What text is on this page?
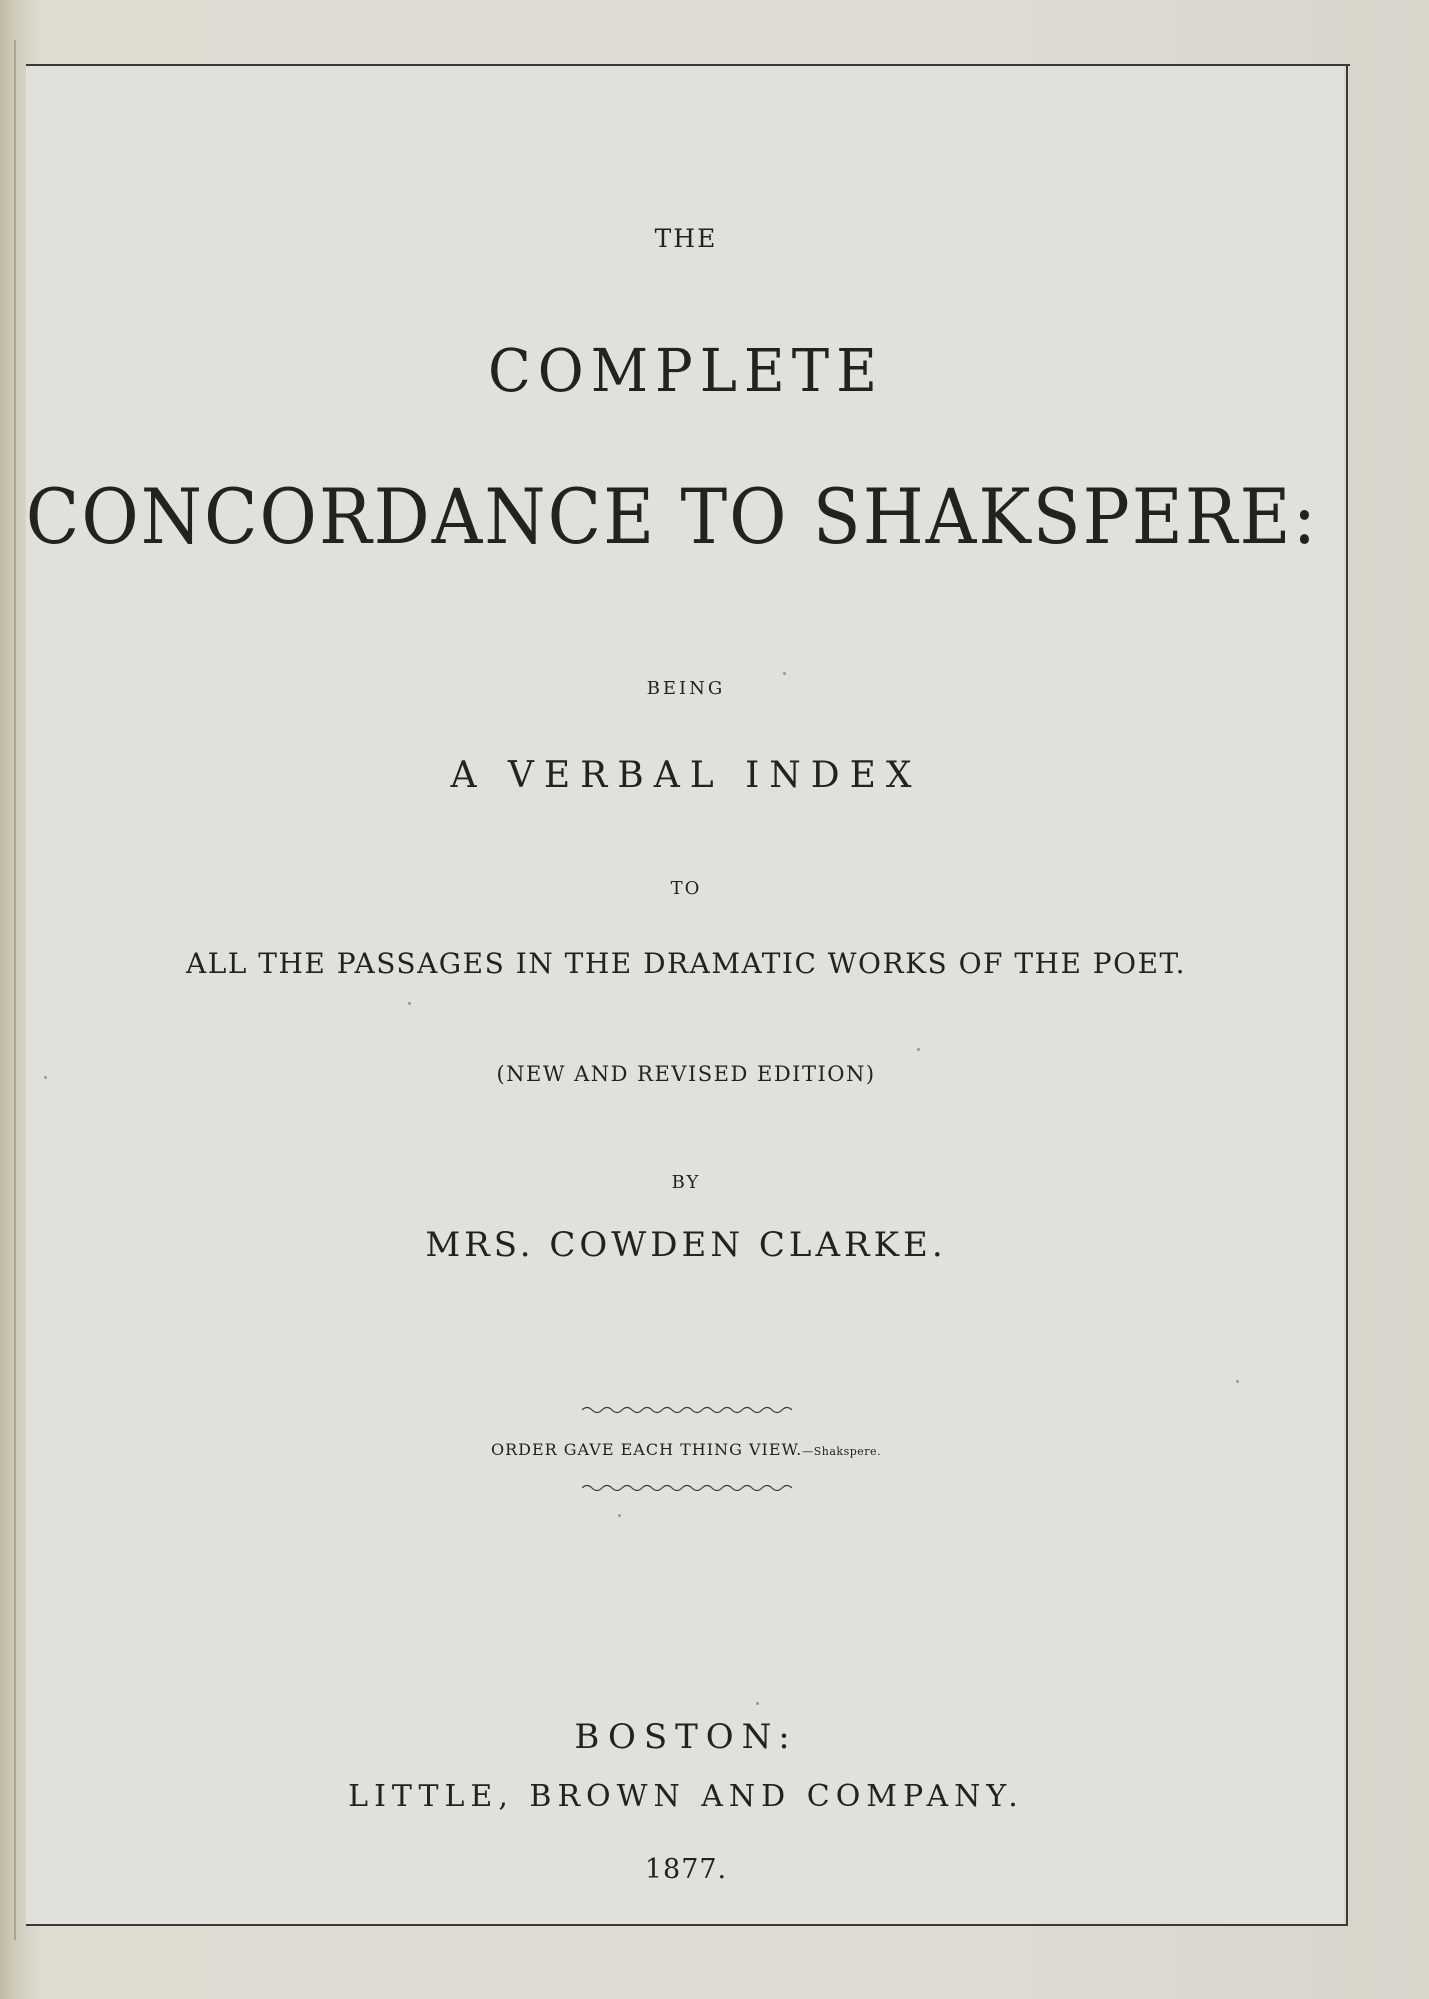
THE
COMPLETE
CONCORDANCE TO SHAKSPERE:
BEING
A VERBAL INDEX
TO
ALL THE PASSAGES IN THE DRAMATIC WORKS OF THE POET.
(NEW AND REVISED EDITION)
BY
MRS. COWDEN CLARKE.
ORDER GAVE EACH THING VIEW.—Shakspere.
BOSTON:
LITTLE, BROWN AND COMPANY.
1877.
